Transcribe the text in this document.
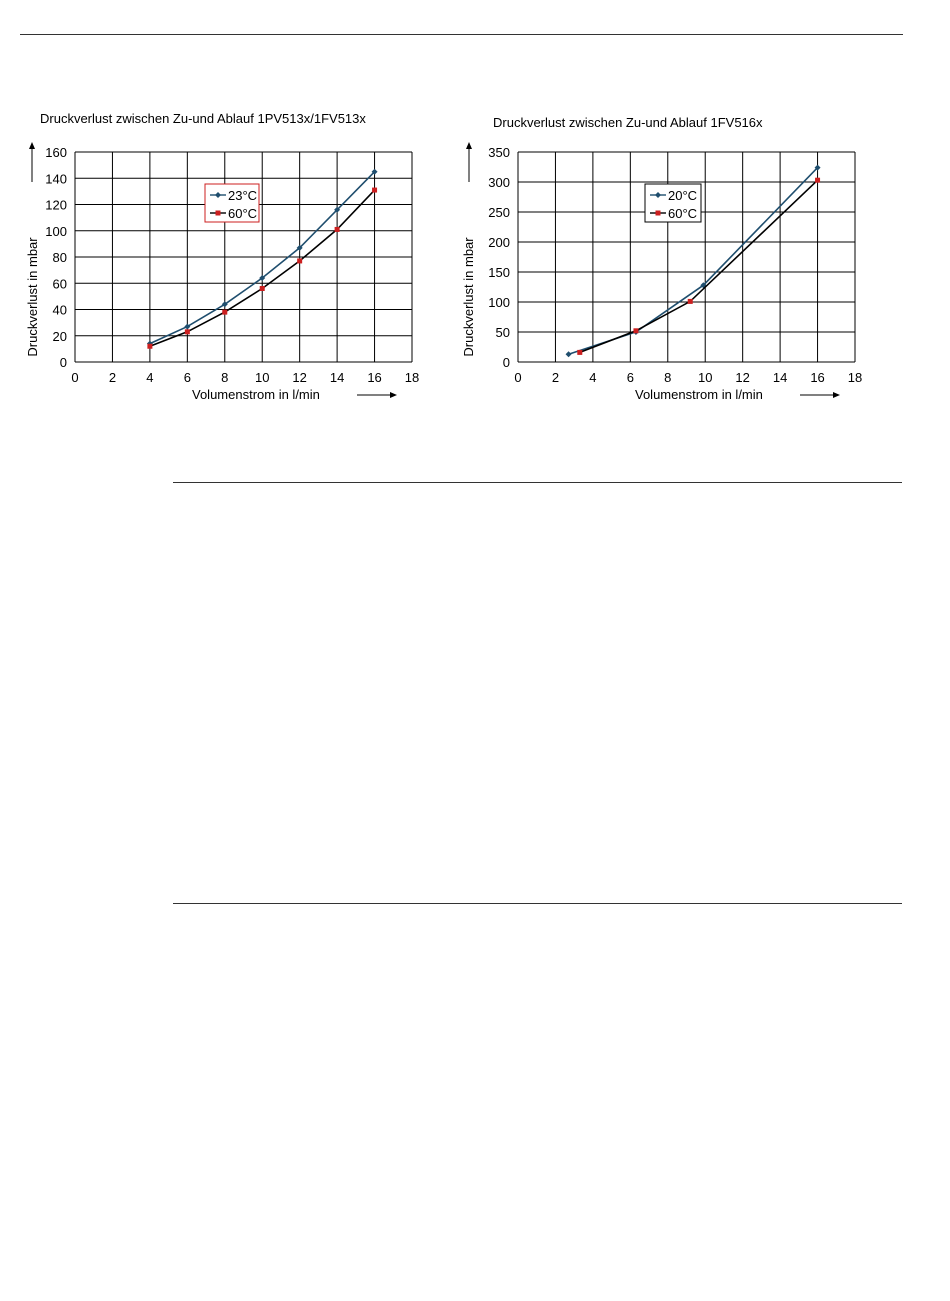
Druckverlust zwischen Zu-und Ablauf 1PV513x/1FV513x
0 2 4 6 8 10 12 14 16 18
0
20
40
60
80
100
120
140
160
Volumenstrom in l/min
Druckverlust in mbar
23°C
60°C
Druckverlust zwischen Zu-und Ablauf 1FV516x
0 2 4 6 8 10 12 14 16 18
0
50
100
150
200
250
300
350
Volumenstrom in l/min
Druckverlust in mbar
20°C
60°C
